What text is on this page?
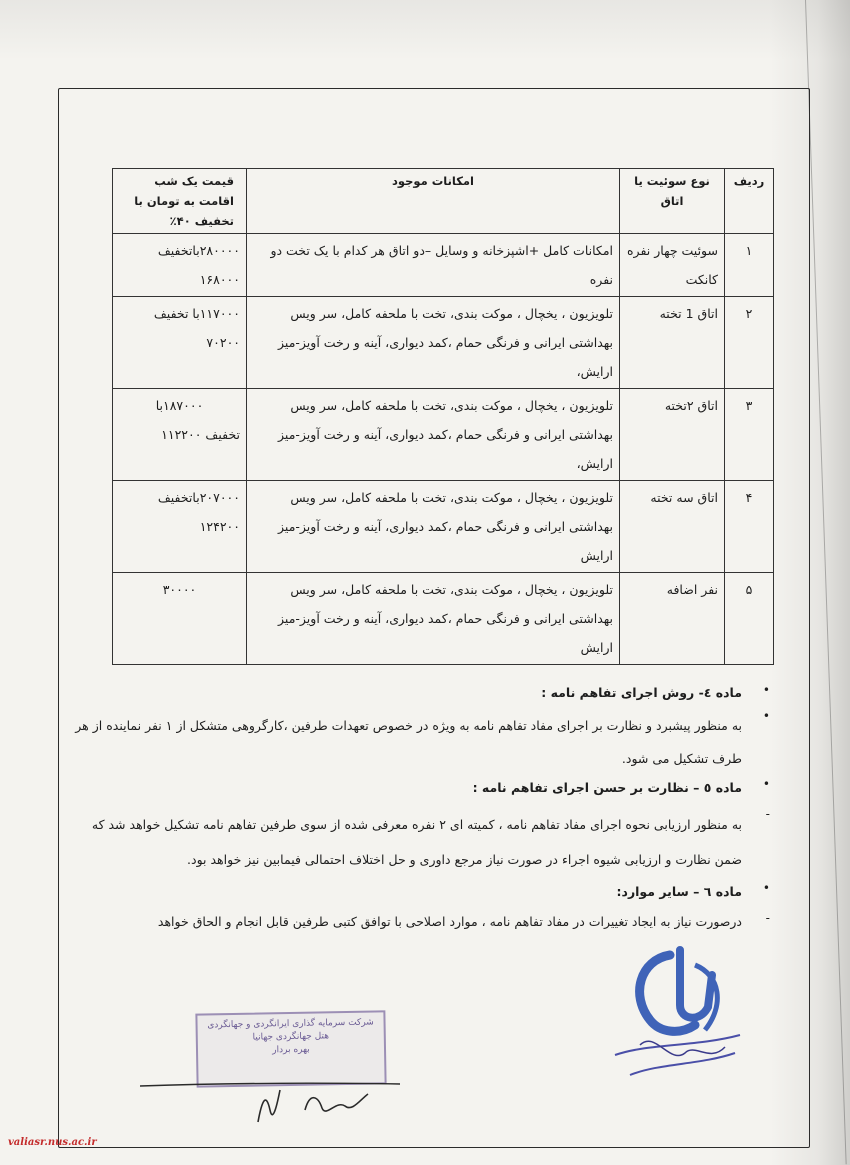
ردیف	نوع سوئیت یا اتاق	امکانات موجود	قیمت یک شب اقامت به تومان با تخفیف ۴۰٪
۱	سوئیت چهار نفره کانکت	امکانات کامل +اشپزخانه و وسایل –دو اتاق هر کدام با یک تخت دو نفره	۲۸۰۰۰۰باتخفیف ۱۶۸۰۰۰

۲	اتاق 1 تخته	تلویزیون ، یخچال ، موکت بندی، تخت با ملحفه کامل، سر ویس بهداشتی ایرانی و فرنگی حمام ،کمد دیواری، آینه و رخت آویز-میز ارایش،	۱۱۷۰۰۰با تخفیف ۷۰۲۰۰

۳	اتاق ۲تخته	تلویزیون ، یخچال ، موکت بندی، تخت با ملحفه کامل، سر ویس بهداشتی ایرانی و فرنگی حمام ،کمد دیواری، آینه و رخت آویز-میز ارایش،	۱۸۷۰۰۰با
تخفیف ۱۱۲۲۰۰

۴	اتاق سه تخته	تلویزیون ، یخچال ، موکت بندی، تخت با ملحفه کامل، سر ویس بهداشتی ایرانی و فرنگی حمام ،کمد دیواری، آینه و رخت آویز-میز ارایش	۲۰۷۰۰۰باتخفیف ۱۲۴۲۰۰

۵	نفر اضافه	تلویزیون ، یخچال ، موکت بندی، تخت با ملحفه کامل، سر ویس بهداشتی ایرانی و فرنگی حمام ،کمد دیواری، آینه و رخت آویز-میز ارایش	۳۰۰۰۰
•
ماده ٤- روش اجرای تفاهم نامه :
•
به منظور پیشبرد و نظارت بر اجرای مفاد تفاهم نامه به ویژه در خصوص تعهدات طرفین ،کارگروهی متشکل از ۱ نفر نماینده از هر طرف تشکیل می شود.
•
ماده ٥ – نظارت بر حسن اجرای تفاهم نامه :
-
به منظور ارزیابی نحوه اجرای مفاد تفاهم نامه ، کمیته ای ۲ نفره معرفی شده از سوی طرفین تفاهم نامه تشکیل خواهد شد که ضمن نظارت و ارزیابی شیوه اجراء در صورت نیاز مرجع داوری و حل اختلاف احتمالی فیمابین نیز خواهد بود.
•
ماده ٦ – سایر موارد:
-
درصورت نیاز به ایجاد تغییرات در مفاد تفاهم نامه ، موارد اصلاحی با توافق کتبی طرفین قابل انجام و الحاق خواهد
شرکت سرمایه گذاری ایرانگردی و جهانگردی
هتل جهانگردی جهانیا
بهره بردار
valiasr.nus.ac.ir
